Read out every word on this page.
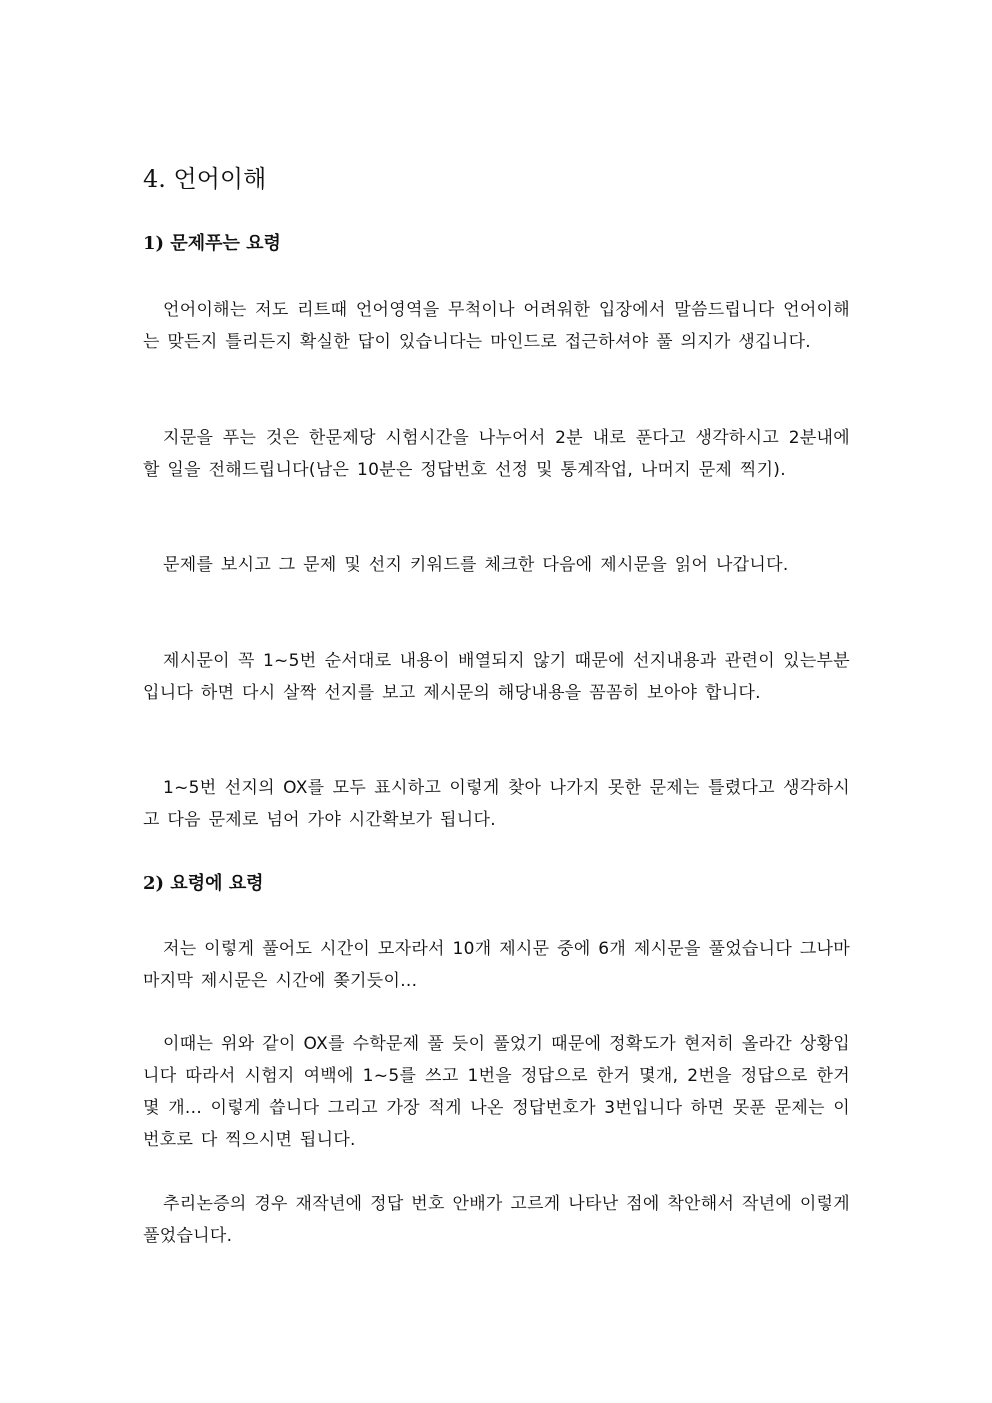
4. 언어이해
1) 문제푸는 요령

언어이해는 저도 리트때 언어영역을 무척이나 어려워한 입장에서 말씀드립니다 언어이해는 맞든지 틀리든지 확실한 답이 있습니다는 마인드로 접근하셔야 풀 의지가 생깁니다.

지문을 푸는 것은 한문제당 시험시간을 나누어서 2분 내로 푼다고 생각하시고 2분내에 할 일을 전해드립니다(남은 10분은 정답번호 선정 및 통계작업, 나머지 문제 찍기).

문제를 보시고 그 문제 및 선지 키워드를 체크한 다음에 제시문을 읽어 나갑니다.

제시문이 꼭 1~5번 순서대로 내용이 배열되지 않기 때문에 선지내용과 관련이 있는부분입니다 하면 다시 살짝 선지를 보고 제시문의 해당내용을 꼼꼼히 보아야 합니다.

1~5번 선지의 OX를 모두 표시하고 이렇게 찾아 나가지 못한 문제는 틀렸다고 생각하시고 다음 문제로 넘어 가야 시간확보가 됩니다.

2) 요령에 요령

저는 이렇게 풀어도 시간이 모자라서 10개 제시문 중에 6개 제시문을 풀었습니다 그나마 마지막 제시문은 시간에 쫒기듯이...

이때는 위와 같이 OX를 수학문제 풀 듯이 풀었기 때문에 정확도가 현저히 올라간 상황입니다 따라서 시험지 여백에 1~5를 쓰고 1번을 정답으로 한거 몇개, 2번을 정답으로 한거 몇 개... 이렇게 씁니다 그리고 가장 적게 나온 정답번호가 3번입니다 하면 못푼 문제는 이번호로 다 찍으시면 됩니다.

추리논증의 경우 재작년에 정답 번호 안배가 고르게 나타난 점에 착안해서 작년에 이렇게 풀었습니다.
